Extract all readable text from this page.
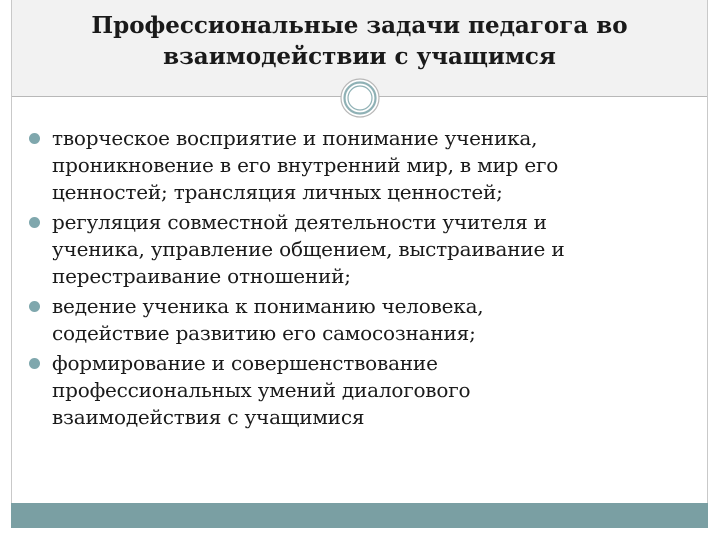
Профессиональные задачи педагога во
взаимодействии с учащимся
творческое восприятие и понимание ученика,
проникновение в его внутренний мир, в мир его
ценностей; трансляция личных ценностей;
регуляция совместной деятельности учителя и
ученика, управление общением, выстраивание и
перестраивание отношений;
ведение ученика к пониманию человека,
содействие развитию его самосознания;
формирование и совершенствование
профессиональных умений диалогового
взаимодействия с учащимися
